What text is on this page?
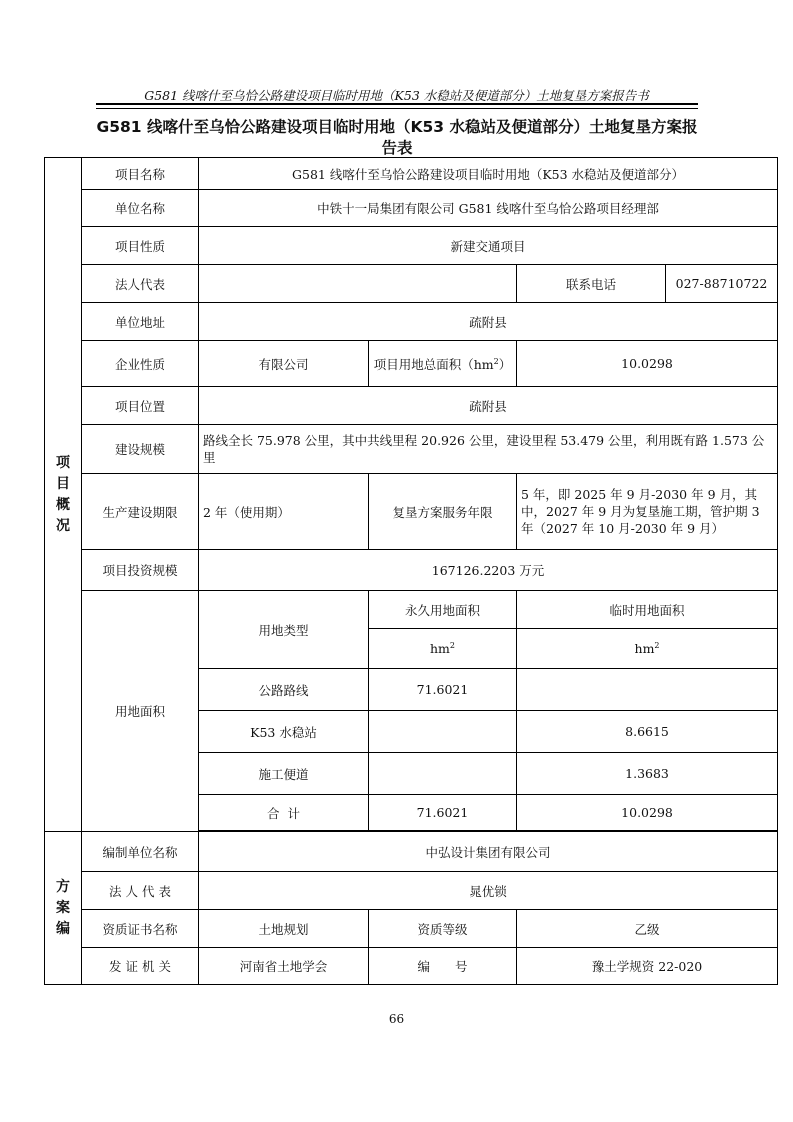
G581 线喀什至乌恰公路建设项目临时用地（K53 水稳站及便道部分）土地复垦方案报告书
G581 线喀什至乌恰公路建设项目临时用地（K53 水稳站及便道部分）土地复垦方案报
告表
项
目
概
况	项目名称	G581 线喀什至乌恰公路建设项目临时用地（K53 水稳站及便道部分）			
	单位名称	中铁十一局集团有限公司 G581 线喀什至乌恰公路项目经理部			
	项目性质	新建交通项目			
	法人代表			联系电话	027-88710722
	单位地址	疏附县			
	企业性质	有限公司	项目用地总面积$(hm^2)$	10.0298	
	项目位置	疏附县			
	建设规模	路线全长 75.978 公里，其中共线里程 20.926 公里，建设里程 53.479 公里，利用既有路 1.573 公里			
	生产建设期限	2 年（使用期）	复垦方案服务年限	5 年，即 2025 年 9 月-2030 年 9 月，其中，2027 年 9 月为复垦施工期，管护期 3 年（2027 年 10 月-2030 年 9 月）	
	项目投资规模	167126.2203 万元			
	用地面积	用地类型	永久用地面积	临时用地面积	
			$hm^2$	$hm^2$
		公路路线	71.6021		
		K53 水稳站		8.6615	
		施工便道		1.3683	
		合  计	71.6021	10.0298	

方
案
编	编制单位名称	中弘设计集团有限公司			
	法 人 代 表	晁优锁			
	资质证书名称	土地规划	资质等级	乙级	
	发 证 机 关	河南省土地学会	编　　号	豫土学规资 22-020	
66
